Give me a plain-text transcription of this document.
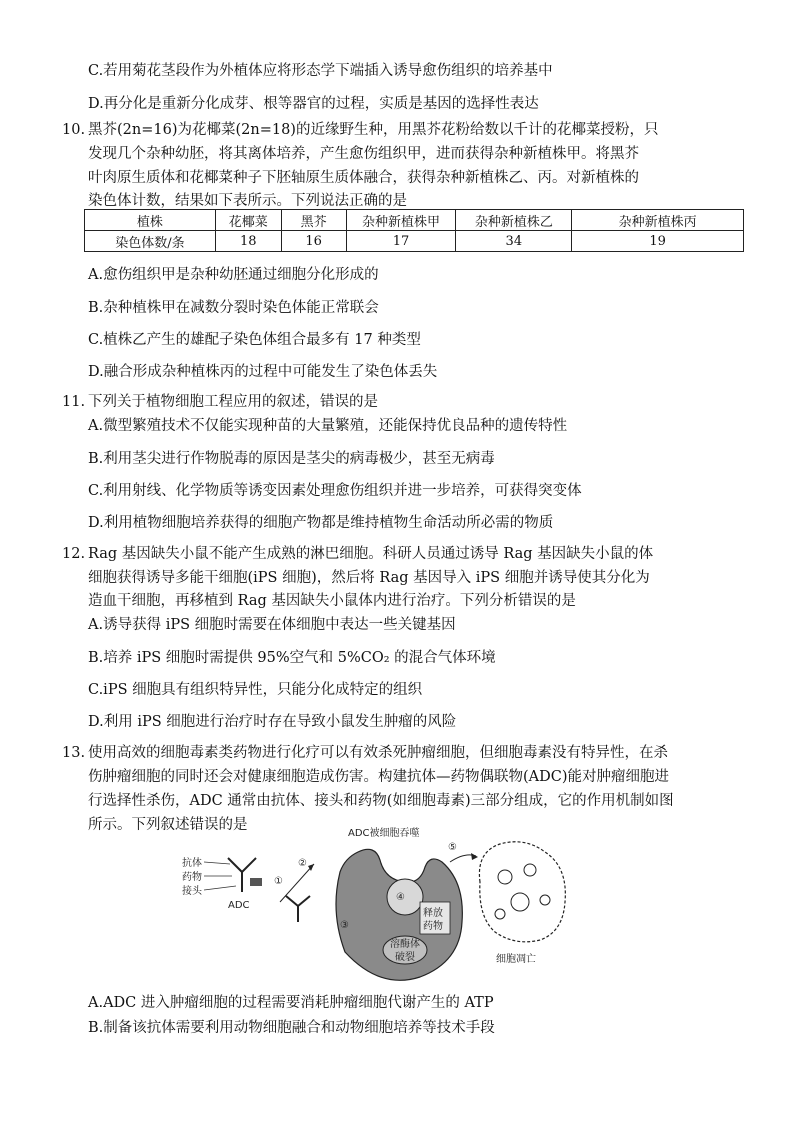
C.若用菊花茎段作为外植体应将形态学下端插入诱导愈伤组织的培养基中
D.再分化是重新分化成芽、根等器官的过程，实质是基因的选择性表达
10. 黑芥(2n=16)为花椰菜(2n=18)的近缘野生种，用黑芥花粉给数以千计的花椰菜授粉，只
发现几个杂种幼胚，将其离体培养，产生愈伤组织甲，进而获得杂种新植株甲。将黑芥
叶肉原生质体和花椰菜种子下胚轴原生质体融合，获得杂种新植株乙、丙。对新植株的
染色体计数，结果如下表所示。下列说法正确的是
植株	花椰菜	黑芥	杂种新植株甲	杂种新植株乙	杂种新植株丙
染色体数/条	18	16	17	34	19
A.愈伤组织甲是杂种幼胚通过细胞分化形成的
B.杂种植株甲在减数分裂时染色体能正常联会
C.植株乙产生的雄配子染色体组合最多有 17 种类型
D.融合形成杂种植株丙的过程中可能发生了染色体丢失
11. 下列关于植物细胞工程应用的叙述，错误的是
A.微型繁殖技术不仅能实现种苗的大量繁殖，还能保持优良品种的遗传特性
B.利用茎尖进行作物脱毒的原因是茎尖的病毒极少，甚至无病毒
C.利用射线、化学物质等诱变因素处理愈伤组织并进一步培养，可获得突变体
D.利用植物细胞培养获得的细胞产物都是维持植物生命活动所必需的物质
12. Rag 基因缺失小鼠不能产生成熟的淋巴细胞。科研人员通过诱导 Rag 基因缺失小鼠的体
细胞获得诱导多能干细胞(iPS 细胞)，然后将 Rag 基因导入 iPS 细胞并诱导使其分化为
造血干细胞，再移植到 Rag 基因缺失小鼠体内进行治疗。下列分析错误的是
A.诱导获得 iPS 细胞时需要在体细胞中表达一些关键基因
B.培养 iPS 细胞时需提供 95%空气和 5%CO₂ 的混合气体环境
C.iPS 细胞具有组织特异性，只能分化成特定的组织
D.利用 iPS 细胞进行治疗时存在导致小鼠发生肿瘤的风险
13. 使用高效的细胞毒素类药物进行化疗可以有效杀死肿瘤细胞，但细胞毒素没有特异性，在杀
伤肿瘤细胞的同时还会对健康细胞造成伤害。构建抗体—药物偶联物(ADC)能对肿瘤细胞进
行选择性杀伤，ADC 通常由抗体、接头和药物(如细胞毒素)三部分组成，它的作用机制如图
所示。下列叙述错误的是
抗体
药物
接头
ADC
①
②
ADC被细胞吞噬
④
③
释放
药物
溶酶体
破裂
⑤
细胞凋亡
A.ADC 进入肿瘤细胞的过程需要消耗肿瘤细胞代谢产生的 ATP
B.制备该抗体需要利用动物细胞融合和动物细胞培养等技术手段
